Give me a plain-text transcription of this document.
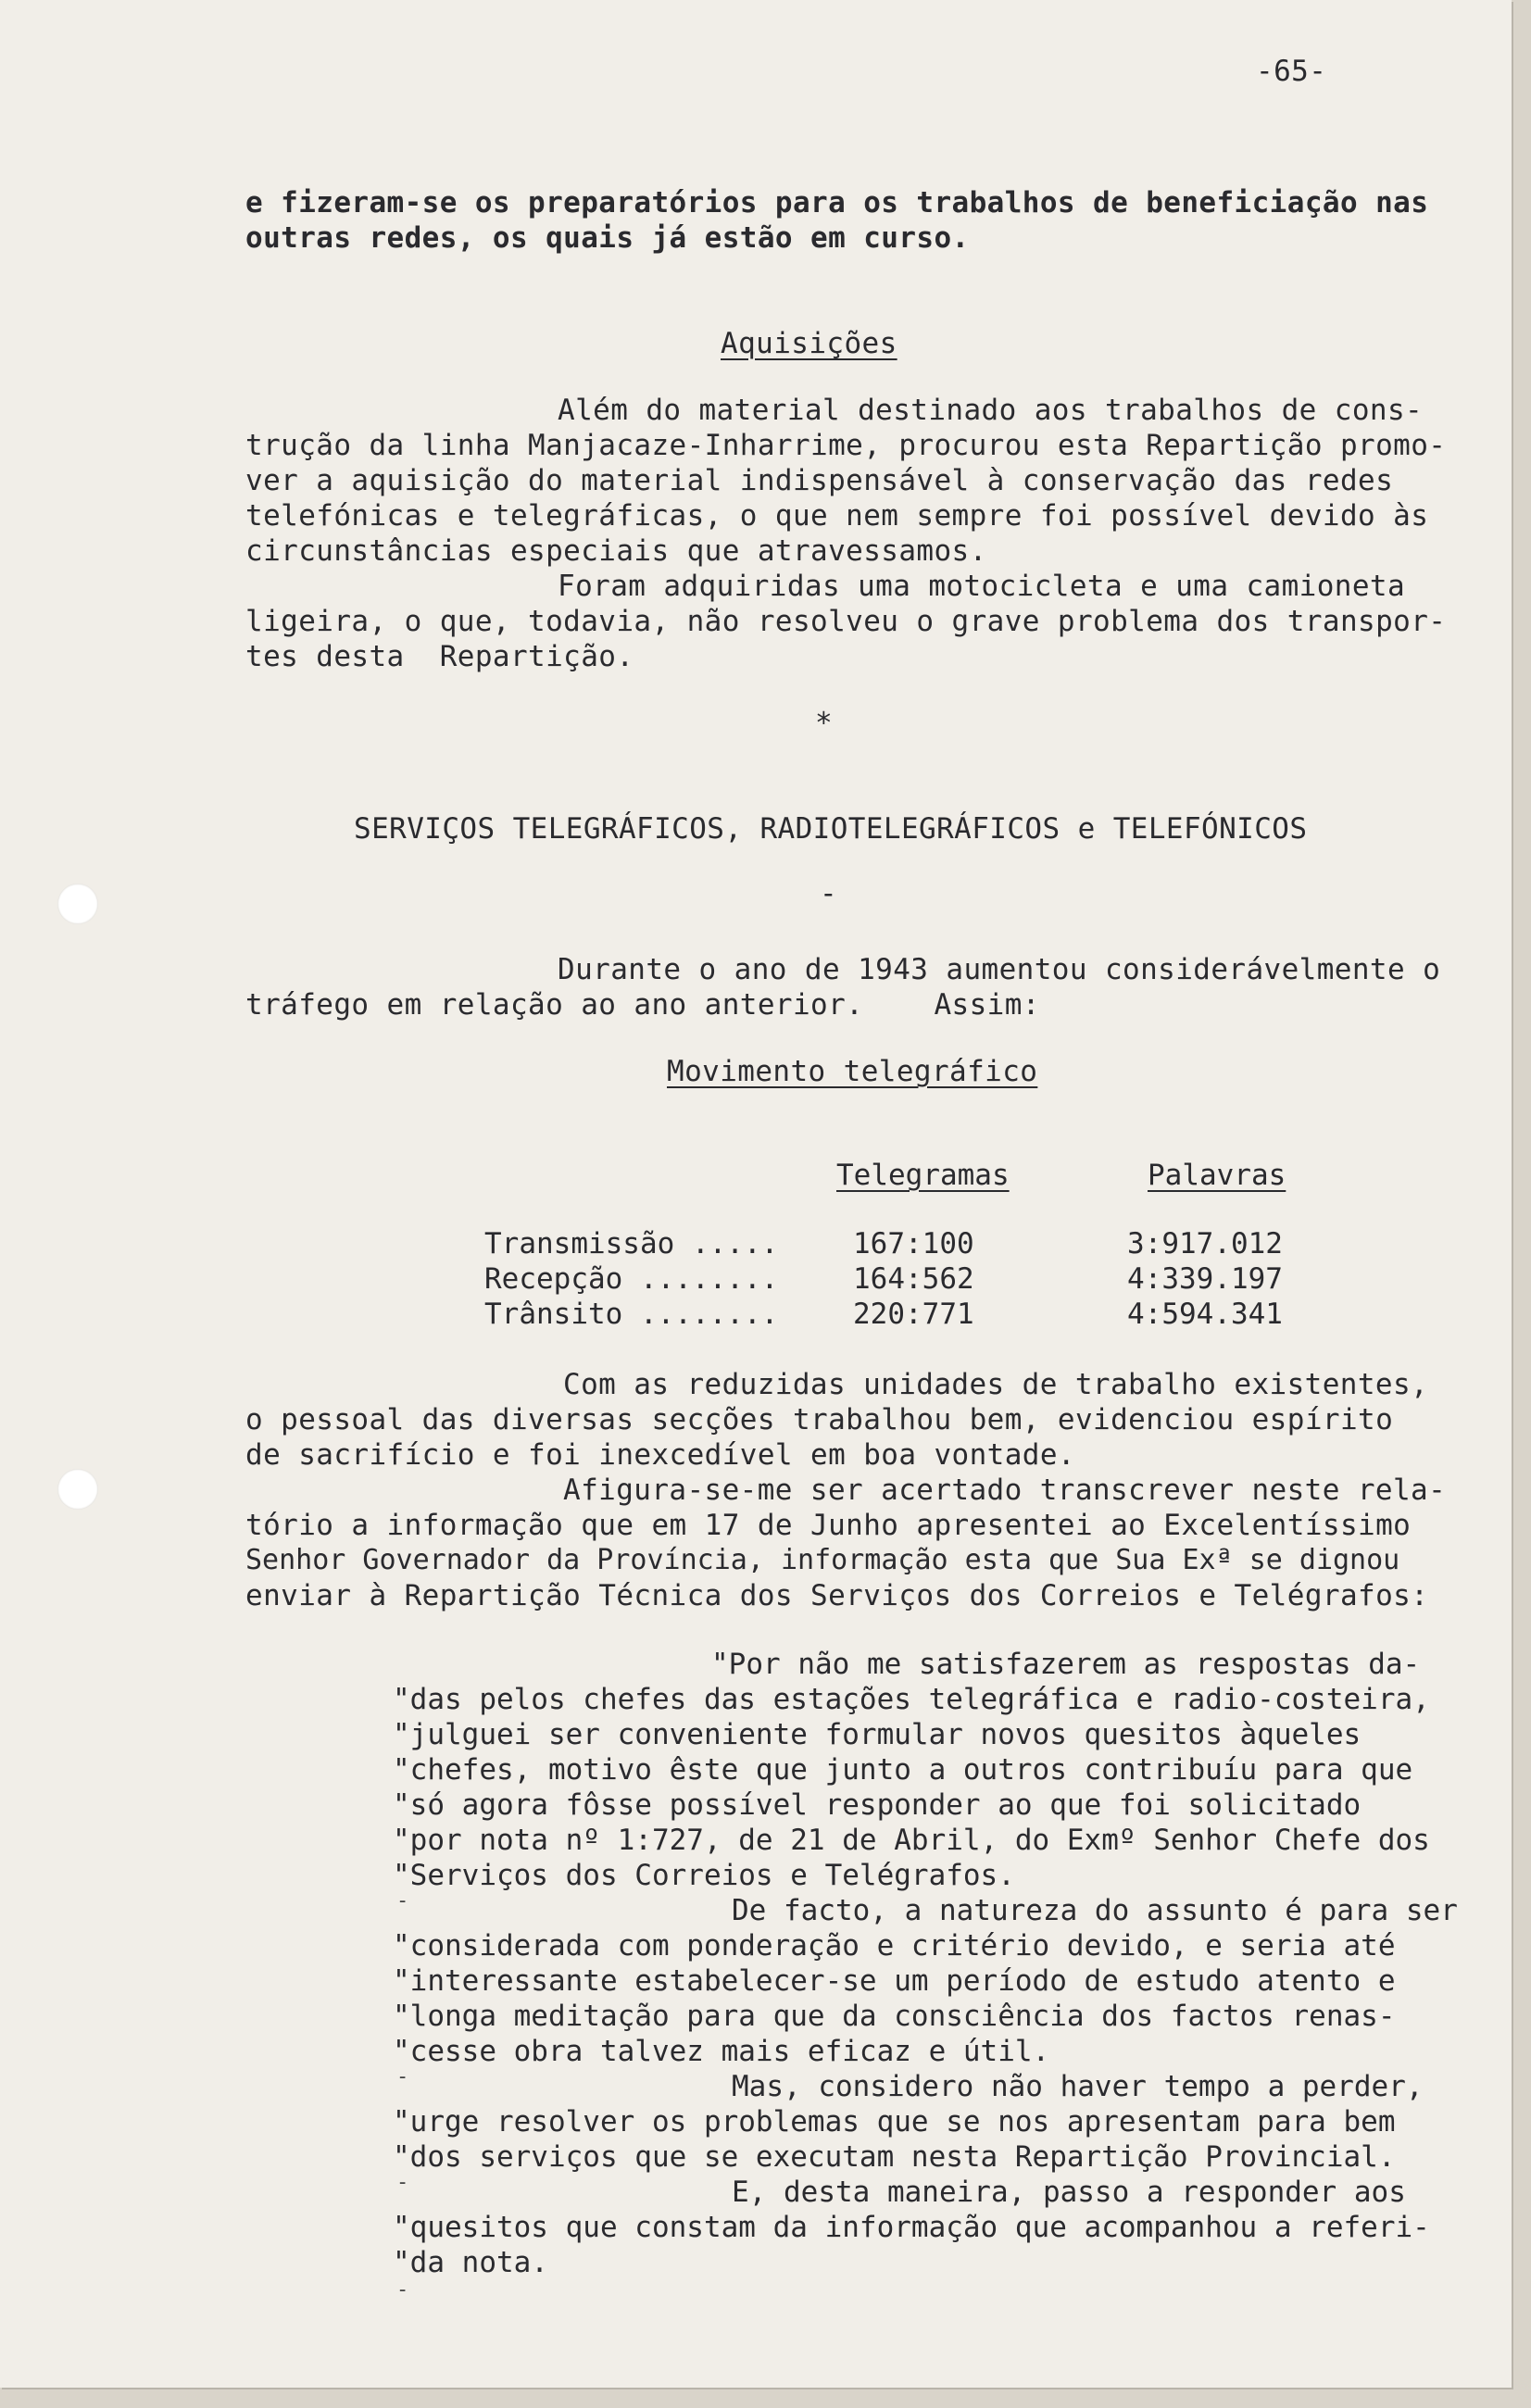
-65-
e fizeram-se os preparatórios para os trabalhos de beneficiação nas
outras redes, os quais já estão em curso.
Aquisições
Além do material destinado aos trabalhos de cons-
trução da linha Manjacaze-Inharrime, procurou esta Repartição promo-
ver a aquisição do material indispensável à conservação das redes
telefónicas e telegráficas, o que nem sempre foi possível devido às
circunstâncias especiais que atravessamos.
Foram adquiridas uma motocicleta e uma camioneta
ligeira, o que, todavia, não resolveu o grave problema dos transpor-
tes desta  Repartição.
*
SERVIÇOS TELEGRÁFICOS, RADIOTELEGRÁFICOS e TELEFÓNICOS
-
Durante o ano de 1943 aumentou considerávelmente o
tráfego em relação ao ano anterior.    Assim:
Movimento telegráfico
Telegramas	Palavras
Transmissão .....	167:100	3:917.012
Recepção ........	164:562	4:339.197
Trânsito ........	220:771	4:594.341
Com as reduzidas unidades de trabalho existentes,
o pessoal das diversas secções trabalhou bem, evidenciou espírito
de sacrifício e foi inexcedível em boa vontade.
Afigura-se-me ser acertado transcrever neste rela-
tório a informação que em 17 de Junho apresentei ao Excelentíssimo
Senhor Governador da Província, informação esta que Sua Exª se dignou
enviar à Repartição Técnica dos Serviços dos Correios e Telégrafos:
"Por não me satisfazerem as respostas da-
"das pelos chefes das estações telegráfica e radio-costeira,
"julguei ser conveniente formular novos quesitos àqueles
"chefes, motivo êste que junto a outros contribuíu para que
"só agora fôsse possível responder ao que foi solicitado
"por nota nº 1:727, de 21 de Abril, do Exmº Senhor Chefe dos
"Serviços dos Correios e Telégrafos.
De facto, a natureza do assunto é para ser
"considerada com ponderação e critério devido, e seria até
"interessante estabelecer-se um período de estudo atento e
"longa meditação para que da consciência dos factos renas-
"cesse obra talvez mais eficaz e útil.
Mas, considero não haver tempo a perder,
"urge resolver os problemas que se nos apresentam para bem
"dos serviços que se executam nesta Repartição Provincial.
E, desta maneira, passo a responder aos
"quesitos que constam da informação que acompanhou a referi-
"da nota.
-
-
-
-
